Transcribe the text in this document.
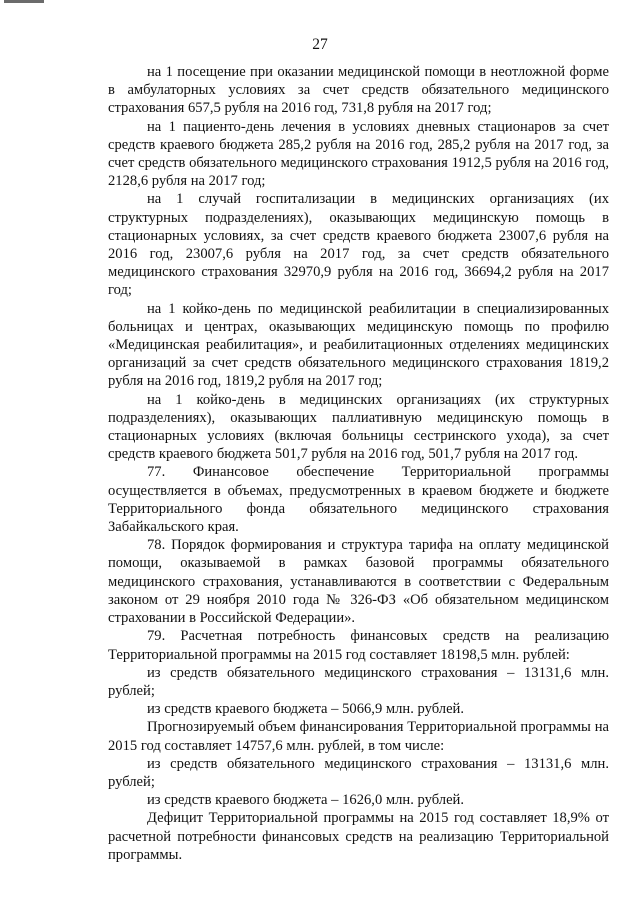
27

на 1 посещение при оказании медицинской помощи в неотложной форме в амбулаторных условиях за счет средств обязательного медицинского страхования 657,5 рубля на 2016 год, 731,8 рубля на 2017 год;

на 1 пациенто-день лечения в условиях дневных стационаров за счет средств краевого бюджета 285,2 рубля на 2016 год, 285,2 рубля на 2017 год, за счет средств обязательного медицинского страхования 1912,5 рубля на 2016 год, 2128,6 рубля на 2017 год;

на 1 случай госпитализации в медицинских организациях (их структурных подразделениях), оказывающих медицинскую помощь в стационарных условиях, за счет средств краевого бюджета 23007,6 рубля на 2016 год, 23007,6 рубля на 2017 год, за счет средств обязательного медицинского страхования 32970,9 рубля на 2016 год, 36694,2 рубля на 2017 год;

на 1 койко-день по медицинской реабилитации в специализированных больницах и центрах, оказывающих медицинскую помощь по профилю «Медицинская реабилитация», и реабилитационных отделениях медицинских организаций за счет средств обязательного медицинского страхования 1819,2 рубля на 2016 год, 1819,2 рубля на 2017 год;

на 1 койко-день в медицинских организациях (их структурных подразделениях), оказывающих паллиативную медицинскую помощь в стационарных условиях (включая больницы сестринского ухода), за счет средств краевого бюджета 501,7 рубля на 2016 год, 501,7 рубля на 2017 год.

77. Финансовое обеспечение Территориальной программы осуществляется в объемах, предусмотренных в краевом бюджете и бюджете Территориального фонда обязательного медицинского страхования Забайкальского края.

78. Порядок формирования и структура тарифа на оплату медицинской помощи, оказываемой в рамках базовой программы обязательного медицинского страхования, устанавливаются в соответствии с Федеральным законом от 29 ноября 2010 года № 326-ФЗ «Об обязательном медицинском страховании в Российской Федерации».

79. Расчетная потребность финансовых средств на реализацию Территориальной программы на 2015 год составляет 18198,5 млн. рублей:

из средств обязательного медицинского страхования – 13131,6 млн. рублей;

из средств краевого бюджета – 5066,9 млн. рублей.

Прогнозируемый объем финансирования Территориальной программы на 2015 год составляет 14757,6 млн. рублей, в том числе:

из средств обязательного медицинского страхования – 13131,6 млн. рублей;

из средств краевого бюджета – 1626,0 млн. рублей.

Дефицит Территориальной программы на 2015 год составляет 18,9% от расчетной потребности финансовых средств на реализацию Территориальной программы.
